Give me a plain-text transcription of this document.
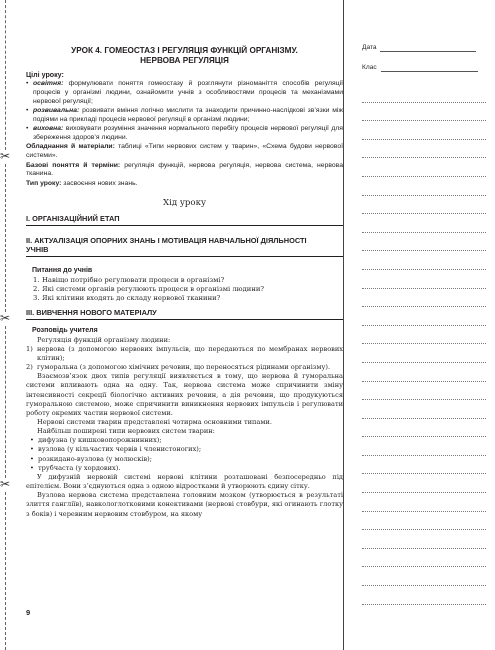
✂
✂
✂
Дата
Клас
УРОК 4. ГОМЕОСТАЗ І РЕГУЛЯЦІЯ ФУНКЦІЙ ОРГАНІЗМУ.
НЕРВОВА РЕГУЛЯЦІЯ
Цілі уроку:
• освітня: формулювати поняття гомеостазу й розглянути різноманіття способів регуляції процесів у організмі людини, ознайомити учнів з особливостями процесів та механізмами нервової регуляції;
• розвивальна: розвивати вміння логічно мислити та знаходити причинно-наслідкові зв’язки між подіями на прикладі процесів нервової регуляції в організмі людини;
• виховна: виховувати розуміння значення нормального перебігу процесів нервової регуляції для збереження здоров’я людини.
Обладнання й матеріали: таблиці «Типи нервових систем у тварин», «Схема будови нервової системи».
Базові поняття й терміни: регуляція функцій, нервова регуляція, нервова система, нервова тканина.
Тип уроку: засвоєння нових знань.
Хід уроку
І. ОРГАНІЗАЦІЙНИЙ ЕТАП
ІІ. АКТУАЛІЗАЦІЯ ОПОРНИХ ЗНАНЬ І МОТИВАЦІЯ НАВЧАЛЬНОЇ ДІЯЛЬНОСТІ УЧНІВ
Питання до учнів
1. Навіщо потрібно регулювати процеси в організмі?
2. Які системи органів регулюють процеси в організмі людини?
3. Які клітини входять до складу нервової тканини?
ІІІ. ВИВЧЕННЯ НОВОГО МАТЕРІАЛУ
Розповідь учителя
Регуляція функцій організму людини:
1) нервова (з допомогою нервових імпульсів, що передаються по мембранах нервових клітин);
2) гуморальна (з допомогою хімічних речовин, що переносяться рідинами організму).
Взаємозв’язок двох типів регуляції виявляється в тому, що нервова й гуморальна системи впливають одна на одну. Так, нервова система може спричинити зміну інтенсивності секреції біологічно активних речовин, а дія речовин, що продукуються гуморальною системою, може спричинити виникнення нервових імпульсів і регулювати роботу окремих частин нервової системи.
Нервові системи тварин представлені чотирма основними типами.
Найбільш поширені типи нервових систем тварин:
• дифузна (у кишковопорожнинних);
• вузлова (у кільчастих червів і членистоногих);
• розкидано-вузлова (у молюсків);
• трубчаста (у хордових).
У дифузній нервовій системі нервові клітини розташовані безпосередньо під епітелієм. Вони з’єднуються одна з одною відростками й утворюють єдину сітку.
Вузлова нервова система представлена головним мозком (утворюється в результаті злиття гангліїв), навкологлотковими конективами (нервові стовбури, які огинають глотку з боків) і черевним нервовим стовбуром, на якому
9
